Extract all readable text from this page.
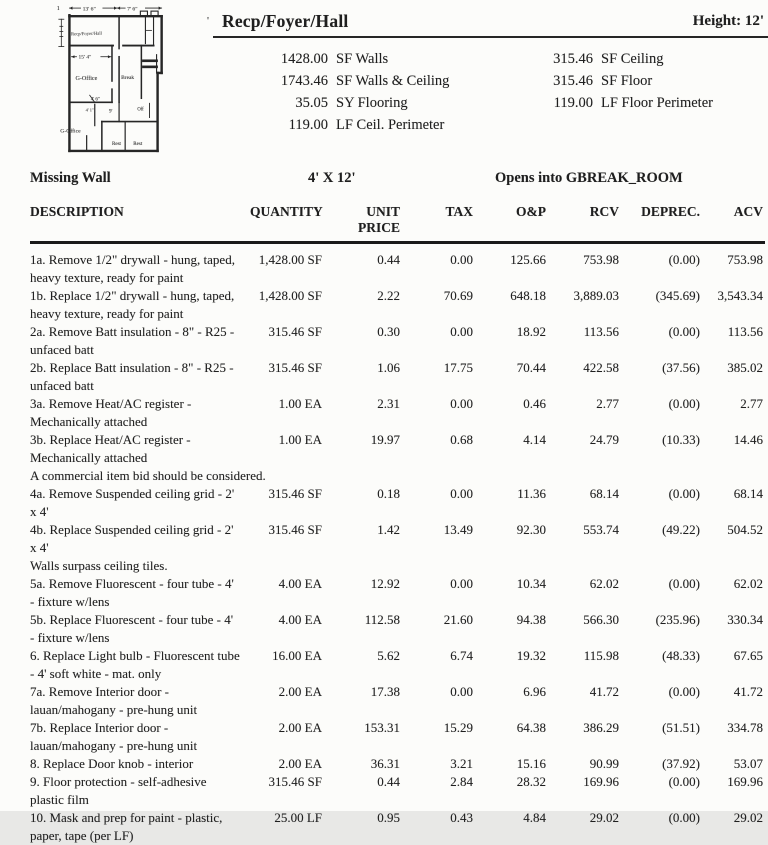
1	13' 6"	7' 6"
Recp/Foyer/Hall
15' 4"
G-Office	Break
4' 6"
4' 1"	9'	Off
G-Office
Rest Rest
' Recp/Foyer/Hall	Height: 12'
1428.00 SF Walls
1743.46 SF Walls & Ceiling
35.05 SY Flooring
119.00 LF Ceil. Perimeter
315.46 SF Ceiling
315.46 SF Floor
119.00 LF Floor Perimeter
Missing Wall	4' X 12'	Opens into GBREAK_ROOM
DESCRIPTION	QUANTITY	UNIT PRICE
TAX	O&P	RCV	DEPREC.	ACV
1a. Remove 1/2" drywall - hung, taped, heavy texture, ready for paint
1,428.00 SF	0.44	0.00	125.66	753.98	(0.00)	753.98
1b. Replace 1/2" drywall - hung, taped, heavy texture, ready for paint
1,428.00 SF	2.22	70.69	648.18	3,889.03	(345.69)	3,543.34
2a. Remove Batt insulation - 8" - R25 - unfaced batt
315.46 SF	0.30	0.00	18.92	113.56	(0.00)	113.56
2b. Replace Batt insulation - 8" - R25 - unfaced batt
315.46 SF	1.06	17.75	70.44	422.58	(37.56)	385.02
3a. Remove Heat/AC register - Mechanically attached
1.00 EA	2.31	0.00	0.46	2.77	(0.00)	2.77
3b. Replace Heat/AC register - Mechanically attached
1.00 EA	19.97	0.68	4.14	24.79	(10.33)	14.46
A commercial item bid should be considered.
4a. Remove Suspended ceiling grid - 2' x 4'
315.46 SF	0.18	0.00	11.36	68.14	(0.00)	68.14
4b. Replace Suspended ceiling grid - 2' x 4'
315.46 SF	1.42	13.49	92.30	553.74	(49.22)	504.52
Walls surpass ceiling tiles.
5a. Remove Fluorescent - four tube - 4' - fixture w/lens
4.00 EA	12.92	0.00	10.34	62.02	(0.00)	62.02
5b. Replace Fluorescent - four tube - 4' - fixture w/lens
4.00 EA	112.58	21.60	94.38	566.30	(235.96)	330.34
6. Replace Light bulb - Fluorescent tube - 4' soft white - mat. only
16.00 EA	5.62	6.74	19.32	115.98	(48.33)	67.65
7a. Remove Interior door - lauan/mahogany - pre-hung unit
2.00 EA	17.38	0.00	6.96	41.72	(0.00)	41.72
7b. Replace Interior door - lauan/mahogany - pre-hung unit
2.00 EA	153.31	15.29	64.38	386.29	(51.51)	334.78
8. Replace Door knob - interior	2.00 EA	36.31	3.21	15.16	90.99	(37.92)	53.07
9. Floor protection - self-adhesive plastic film
315.46 SF	0.44	2.84	28.32	169.96	(0.00)	169.96
10. Mask and prep for paint - plastic, paper, tape (per LF)
25.00 LF	0.95	0.43	4.84	29.02	(0.00)	29.02
